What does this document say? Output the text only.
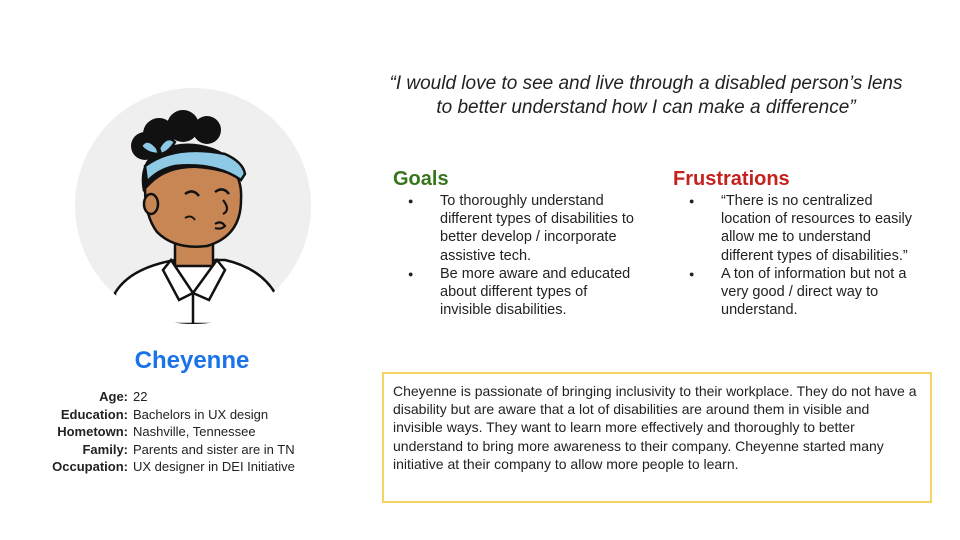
Cheyenne
Age: 22
Education: Bachelors in UX design
Hometown: Nashville, Tennessee
Family: Parents and sister are in TN
Occupation: UX designer in DEI Initiative
“I would love to see and live through a disabled person’s lens to better understand how I can make a difference”
Goals
● To thoroughly understand different types of disabilities to better develop / incorporate assistive tech.
● Be more aware and educated about different types of invisible disabilities.
Frustrations
● “There is no centralized location of resources to easily allow me to understand different types of disabilities.”
● A ton of information but not a very good / direct way to understand.
Cheyenne is passionate of bringing inclusivity to their workplace. They do not have a disability but are aware that a lot of disabilities are around them in visible and invisible ways. They want to learn more effectively and thoroughly to better understand to bring more awareness to their company. Cheyenne started many initiative at their company to allow more people to learn.
